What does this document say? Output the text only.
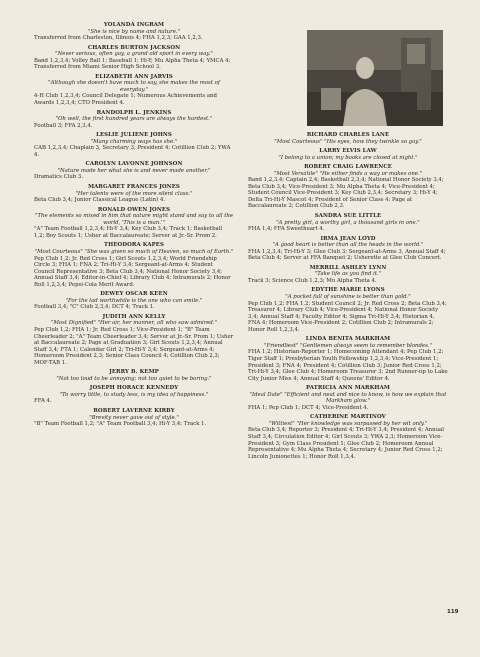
YOLANDA INGRAM
"She is nice by name and nature."
Transferred from Charleston, Illinois 4; FHA 1,2,3; GAA 1,2,3.
CHARLES BURTON JACKSON
"Never serious, often gay, a grand old sport in every way."
Band 1,2,3,4; Volley Ball 1; Baseball 1; Hi-Y; Mu Alpha Theta 4; YMCA 4; Transferred from Miami Senior High School 3.
ELIZABETH ANN JARVIS
"Although she doesn't have much to say, she makes the most of everyday."
4-H Club 1,2,3,4; Council Delegate 1; Numerous Achievements and Awards 1,2,3,4; CTO President 4.
RANDOLPH L. JENKINS
"Oh well, the first hundred years are always the hardest."
Football 3; FFA 2,3,4.
LESLIE JULIENE JOHNS
"Many charming ways has she."
CAB 1,2,3,4; Chaplain 3, Secretary 3, President 4; Cotillion Club 2; YWA 4.
CAROLYN LAVONNE JOHNSON
"Nature made her what she is and never made another."
Dramatics Club 3.
MARGARET FRANCES JONES
"Her talents were of the more silent class."
Beta Club 3,4; Junior Classical League (Latin) 4.
RONALD OWEN JONES
"The elements so mixed in him that nature might stand and say to all the world, 'This is a man.'"
"A" Team Football 1,2,3,4; Hi-Y 3,4; Key Club 3,4; Track 1; Basketball 1,2; Boy Scouts 1; Usher at Baccalaureate; Server at Jr.-Sr. Prom 2.
THEODORA KAPES
"Most Courteous" "She was given so much of Heaven, so much of Earth."
Pep Club 1,2; Jr. Red Cross 1; Girl Scouts 1,2,3,4; World Friendship Circle 3; FHA 1; FNA 2; Tri-Hi-Y 3,4; Sergeant-at-Arms 4; Student Council Representative 3; Beta Club 3,4; National Honor Society 3,4; Annual Staff 3,4; Editor-in-Chief 4; Library Club 4; Intramurals 2; Honor Roll 1,2,3,4; Pepsi-Cola Merit Award.
DEWEY OSCAR KEEN
"For the lad worthwhile is the one who can smile."
Football 3,4; "C" Club 2,3,4; DCT 4; Track 1.
JUDITH ANN KELLY
"Most Dignified" "Her air, her manner, all who saw admired."
Pep Club 1,2; FHA 1; Jr. Red Cross 1; Vice-President 1; "B" Team Cheerleader 2; "A" Team Cheerleader 3,4; Server at Jr.-Sr. Prom 1; Usher at Baccalaureate 2; Page at Graduation 3; Girl Scouts 1,2,3,4; Annual Staff 3,4; FTA 1; Calendar Girl 2; Tri-Hi-Y 3,4; Sergeant-at-Arms 4; Homeroom President 2,3; Senior Class Council 4; Cotillion Club 2,3; MOF-TAB 1.
JERRY B. KEMP
"Not too loud to be annoying; not too quiet to be boring."
JOSEPH HORACE KENNEDY
"To worry little, to study less, is my idea of happiness."
FFA 4.
ROBERT LAVERNE KIRBY
"Brevity never gave out of style."
"B" Team Football 1,2; "A" Team Football 3,4; Hi-Y 3,4; Track 1.
RICHARD CHARLES LANE
"Most Courteous" "His eyes, how they twinkle so gay."
LARRY ELVIS LAW
"I belong to a union; my books are closed at night."
ROBERT CRAIG LAWRENCE
"Most Versatile" "He either finds a way or makes one."
Band 1,2,3,4; Captain 2,4; Basketball 2,3,4; National Honor Society 3,4; Beta Club 3,4; Vice-President 3; Mu Alpha Theta 4; Vice-President 4; Student Council Vice-President 3; Key Club 2,3,4; Secretary 3; Hi-Y 4; Delta Tri-Hi-Y Mascot 4; President of Senior Class 4; Page at Baccalaureate 2; Cotillion Club 2,3.
SANDRA SUE LITTLE
"A pretty girl, a worthy girl, a thousand girls in one."
FHA 1,4; FFA Sweetheart 4.
IRMA JEAN LOYD
"A good heart is better than all the heads in the world."
FHA 1,2,3,4; Tri-Hi-Y 3; Glee Club 3; Sergeant-at-Arms 3, Annual Staff 4; Beta Club 4; Server at FFA Banquet 2; Usherette at Glee Club Concert.
MERRILL ASHLEY LYNN
"Take life as you find it."
Track 3; Science Club 1,2,3; Mu Alpha Theta 4.
EDYTHE MARIE LYONS
"A pocket full of sunshine is better than gold."
Pep Club 1,2; FHA 1,2; Student Council 2; Jr. Red Cross 2; Beta Club 3,4; Treasurer 4; Library Club 4; Vice-President 4; National Honor Society 3,4; Annual Staff 4; Faculty Editor 4; Sigma Tri-Hi-Y 3,4; Historian 4, FNA 4; Homeroom Vice-President 2; Cotillion Club 2; Intramurals 2; Honor Roll 1,2,3,4.
LINDA BENITA MARKHAM
"Friendliest" "Gentlemen always seem to remember blondes."
FHA 1,2; Historian-Reporter 1; Homecoming Attendant 4; Pep Club 1,2; Tiger Staff 1; Presbyterian Youth Fellowship 1,2,3,4; Vice-President 1; President 3; FNA 4; President 4; Cotillion Club 3; Junior Red Cross 1,2; Tri-Hi-Y 3,4; Glee Club 4; Homeroom Treasurer 3; 2nd Runner-up to Lake City Junior Miss 4; Annual Staff 4; Queens' Editor 4.
PATRICIA ANN MARKHAM
"Ideal Date" "Efficient and neat and nice to know, is how we explain that Markham glow."
FHA 1; Pep Club 1; DCT 4; Vice-President 4.
CATHERINE MARTINOV
"Wittiest" "Her knowledge was surpassed by her wit only."
Beta Club 3,4; Reporter 3; President 4; Tri-Hi-Y 3,4; President 4; Annual Staff 3,4; Circulation Editor 4; Girl Scouts 3; YWA 2,3; Homeroom Vice-President 3; Gym Class President 1; Glee Club 2; Homeroom Annual Representative 4; Mu Alpha Theta 4; Secretary 4; Junior Red Cross 1,2; Lincoln Junionettes 1; Honor Roll 1,3,4.
119
